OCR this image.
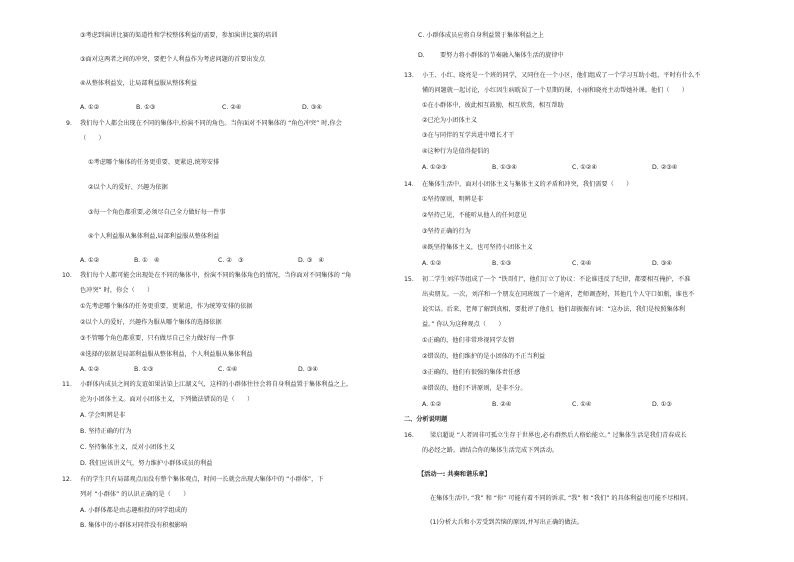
③考虑到演讲比赛的渠道性和学校整体利益的需要，参加演讲比赛的培训
③面对这两者之间的冲突，要把个人利益作为考虑问题的首要出发点
④从整体利益发，让局部利益服从整体利益
A. ①②	B. ①③	C. ②④	D. ③④
9. 我们每个人都会出现在不同的集体中,扮演不同的角色。当你面对不同集体的 “角色冲突” 时,你会
（　　）
①考虑哪个集体的任务更重要、更紧迫,统筹安排
②以个人的爱好、兴趣为依据
③每一个角色都重要,必须尽自己全力做好每一件事
④个人利益服从集体利益,局部利益服从整体利益
A. ①②	B. ①　④	C. ②　③	D. ③　④
10. 我们每个人都可能会出现处在不同的集体中，扮演不同的集体角色的情况，当你面对不同集体的 “角
色冲突” 时，你会（　　）
①先考虑哪个集体的任务更重要，更紧迫，作为统筹安排的依据
②以个人的爱好，兴趣作为服从哪个集体的选择依据
③不管哪个角色都重要，只有做尽自己全力做好每一件事
④选择的依据是局部利益服从整体利益，个人利益服从集体利益
A. ①②	B. ①③	C. ①④	D. ③④
11. 小群体内成员之间的友谊如果沾染上江湖义气，这样的小群体往往会将自身利益置于集体利益之上，
沦为小团体主义。面对小团体主义，下列做法错误的是（　　）
A. 学会明辨是非
B. 坚持正确的行为
C. 坚持集体主义，反对小团体主义
D. 我们应该讲义气，努力维护小群体成员的利益
12. 有的学生只有局部观点而没有整个集体观点，时间一长就会出现大集体中的 “小群体”，下
列对 “小群体” 的认识正确的是（　　）
A. 小群体都是由志趣相投的同学组成的
B. 集体中的小群体对同伴没有积极影响
C. 小群体成员应将自身利益置于集体利益之上
D. 要努力将小群体的节奏融入集体生活的旋律中
13. 小王、小红、晓亮是一个班的同学，又同住在一个小区，他们组成了一个学习互助小组，平时有什么不
懂的问题就一起讨论，小红因生病耽误了一个星期的课，小丽和晓亮主动帮她补课。他们（　　）
①在小群体中，彼此相互鼓励，相互欣赏，相互帮助
②已沦为小团体主义
③在与同伴的互学共进中增长才干
④这种行为是值得提倡的
A. ①②③	B. ①③④	C. ①②④	D. ②③④
14. 在集体生活中，面对小团体主义与集体主义的矛盾和冲突，我们需要（　　）
①坚持原则，明辨是非
②坚持己见，不能听从他人的任何意见
③坚持正确的行为
④既坚持集体主义，也可坚持小团体主义
A. ①②	B. ①③	C. ②④	D. ③④
15. 初二学生刘洋等组成了一个 “铁哥们”，他们订立了协议：不论谁违反了纪律，都要相互掩护，不准
出卖朋友。一次，刘洋和一个朋友在同班级了一个通宵，老师调查时，其他几个人守口如瓶，谁也不
说实话。后来，老师了解到真相，要批评了他们，他们却振振有词：“这办法，我们是按照集体利
益。” 你认为这种观点（　　）
①正确的，他们非常珍视同学友情
②错误的，他们维护的是小团体的不正当利益
③正确的，他们有很强的集体责任感
④错误的，他们不讲原则，是非不分。
A. ①②	B. ②④	C. ①④	D. ①③
二、分析说明题
16.	梁启超说 “人者固非可孤立生存于世界也,必有群然后人格始能立。” 过集体生活是我们青春成长
的必经之路。请结合你的集体生活完成下列活动。
【活动一: 共奏和谐乐章】
在集体生活中, “我” 和 “你” 可能有着不同的诉求, “我” 和 “我们” 的具体利益也可能不尽相同。
(1)分析大兵和小芳受到苦恼的原因,并写出正确的做法。
